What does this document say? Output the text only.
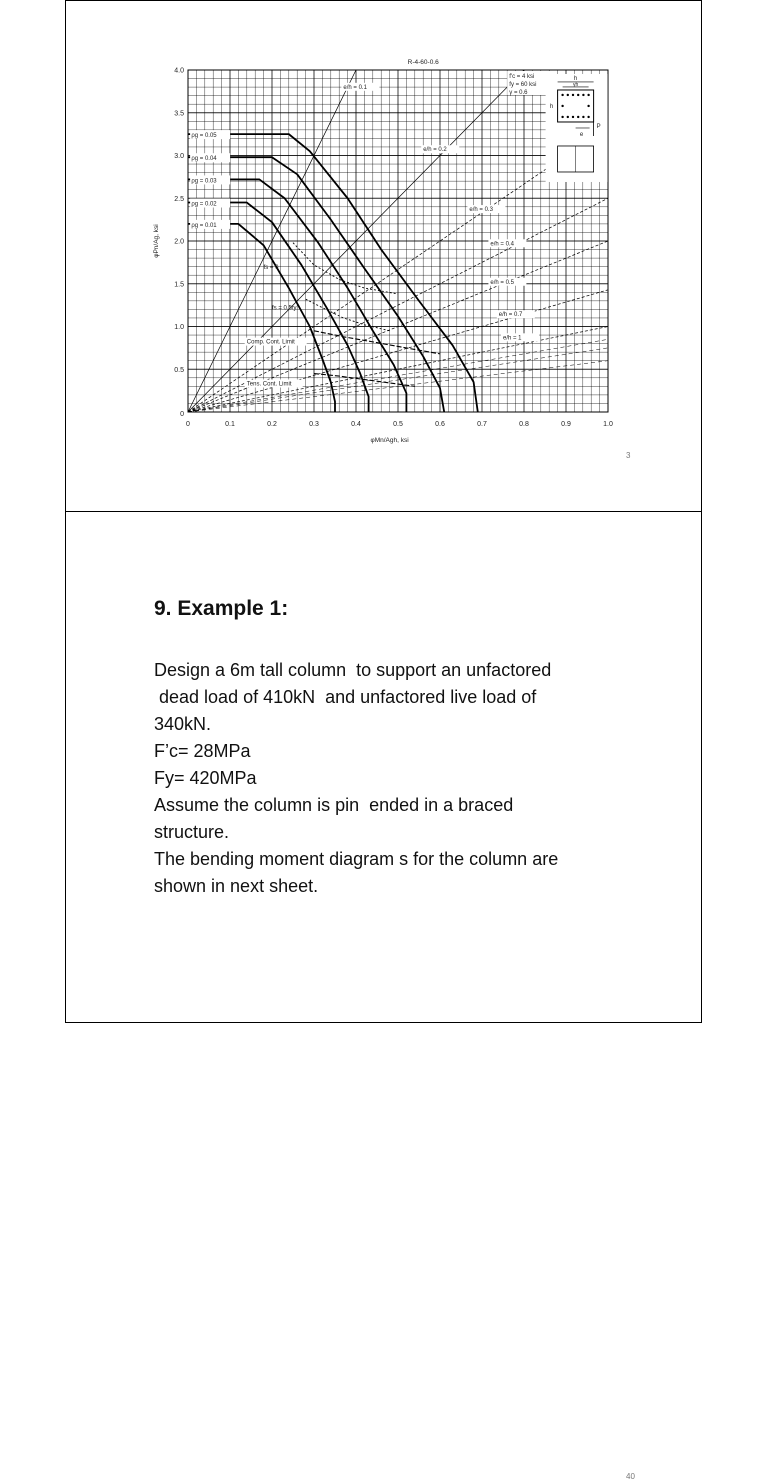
0	0.1	0.2	0.3	0.4	0.5	0.6	0.7	0.8	0.9	1.0
0
0.5
1.0
1.5
2.0
2.5
3.0
3.5
4.0
φMn/Agh, ksi
φPn/Ag, ksi
R-4-60-0.6
ρg = 0.05
ρg = 0.04
ρg = 0.03
ρg = 0.02
ρg = 0.01
e/h = 0.1
e/h = 0.2
e/h = 0.3
e/h = 0.4
e/h = 0.5
e/h = 0.7
e/h = 1
fs = 0
fs = 0.5fy
Comp. Cont. Limit
Tens. Cont. Limit
f'c = 4 ksi
fy = 60 ksi
γ = 0.6
h
γh
h
e
P
3
9. Example 1:
Design a 6m tall column  to support an unfactored
dead load of 410kN  and unfactored live load of
340kN.
F’c= 28MPa
Fy= 420MPa
Assume the column is pin  ended in a braced
structure.
The bending moment diagram s for the column are
shown in next sheet.
40
